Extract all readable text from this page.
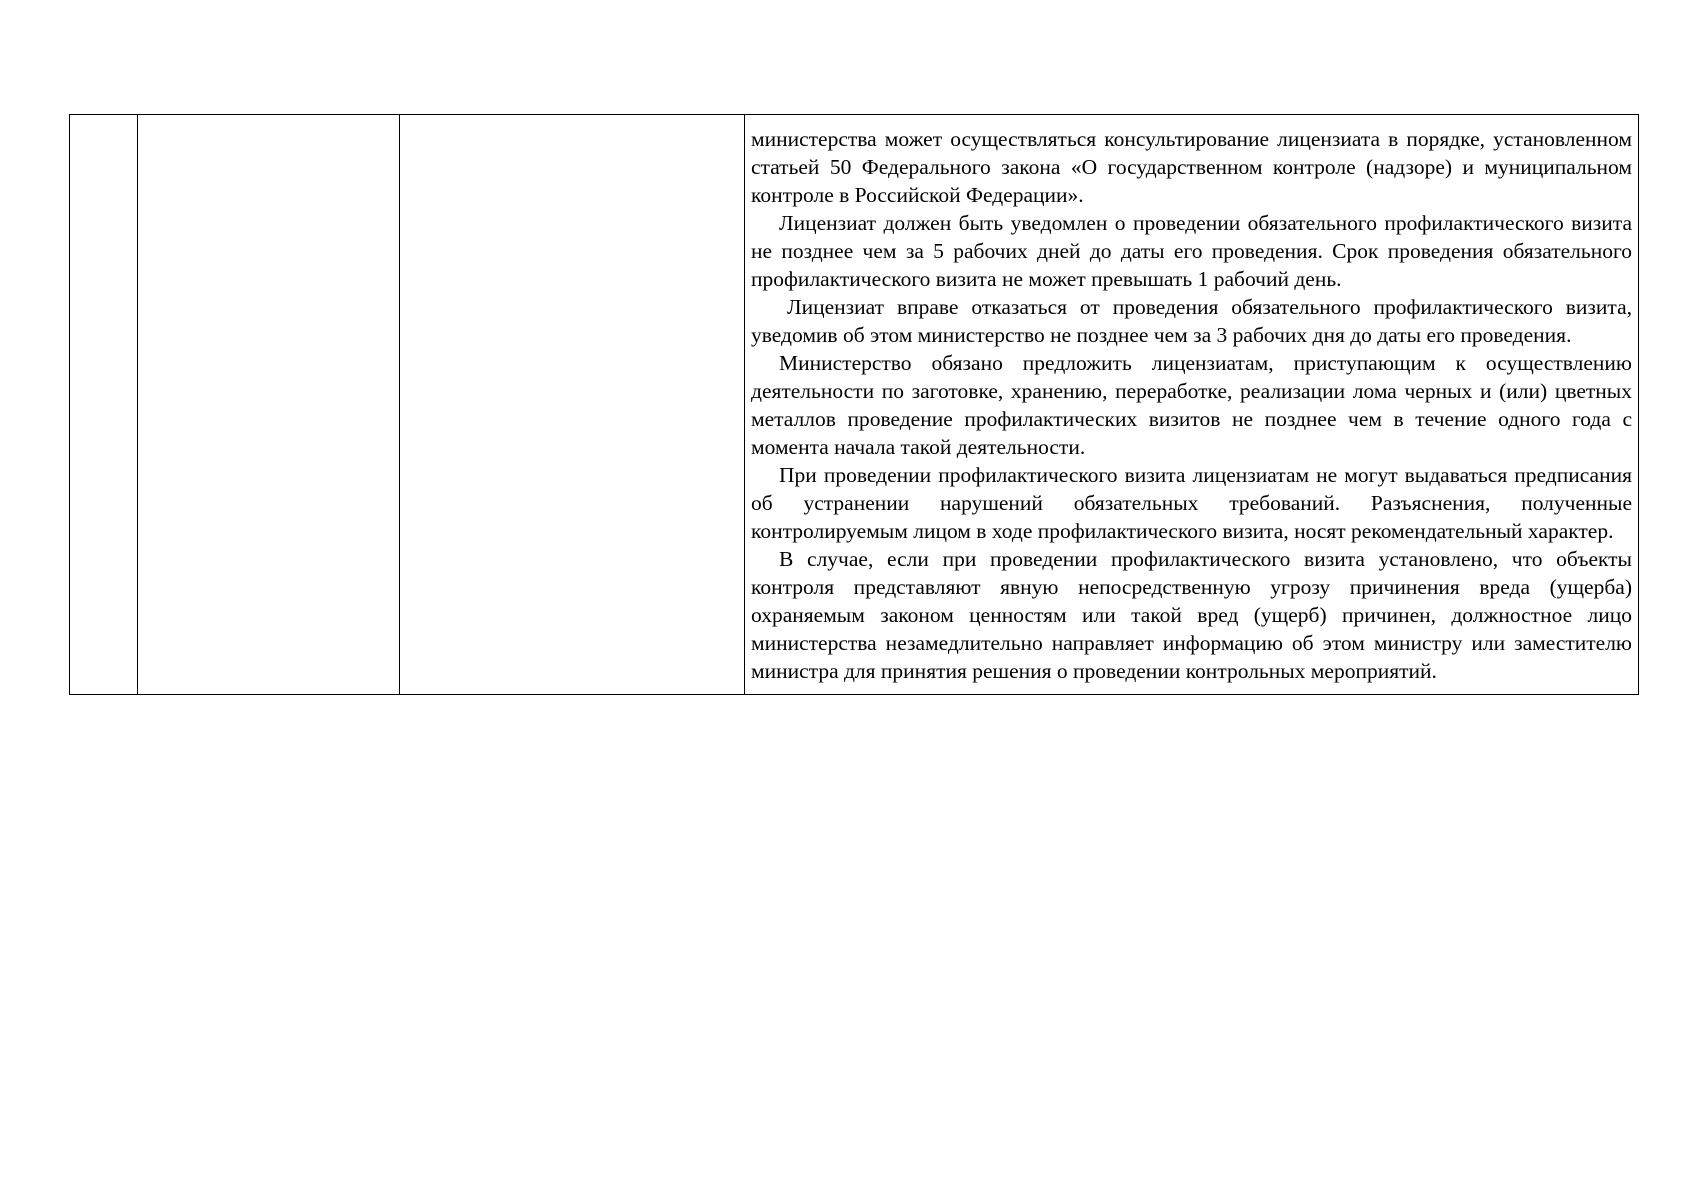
министерства может осуществляться консультирование лицензиата в порядке, установленном статьей 50 Федерального закона «О государственном контроле (надзоре) и муниципальном контроле в Российской Федерации».

Лицензиат должен быть уведомлен о проведении обязательного профилактического визита не позднее чем за 5 рабочих дней до даты его проведения. Срок проведения обязательного профилактического визита не может превышать 1 рабочий день.

Лицензиат вправе отказаться от проведения обязательного профилактического визита, уведомив об этом министерство не позднее чем за 3 рабочих дня до даты его проведения.

Министерство обязано предложить лицензиатам, приступающим к осуществлению деятельности по заготовке, хранению, переработке, реализации лома черных и (или) цветных металлов проведение профилактических визитов не позднее чем в течение одного года с момента начала такой деятельности.

При проведении профилактического визита лицензиатам не могут выдаваться предписания об устранении нарушений обязательных требований. Разъяснения, полученные контролируемым лицом в ходе профилактического визита, носят рекомендательный характер.

В случае, если при проведении профилактического визита установлено, что объекты контроля представляют явную непосредственную угрозу причинения вреда (ущерба) охраняемым законом ценностям или такой вред (ущерб) причинен, должностное лицо министерства незамедлительно направляет информацию об этом министру или заместителю министра для принятия решения о проведении контрольных мероприятий.
